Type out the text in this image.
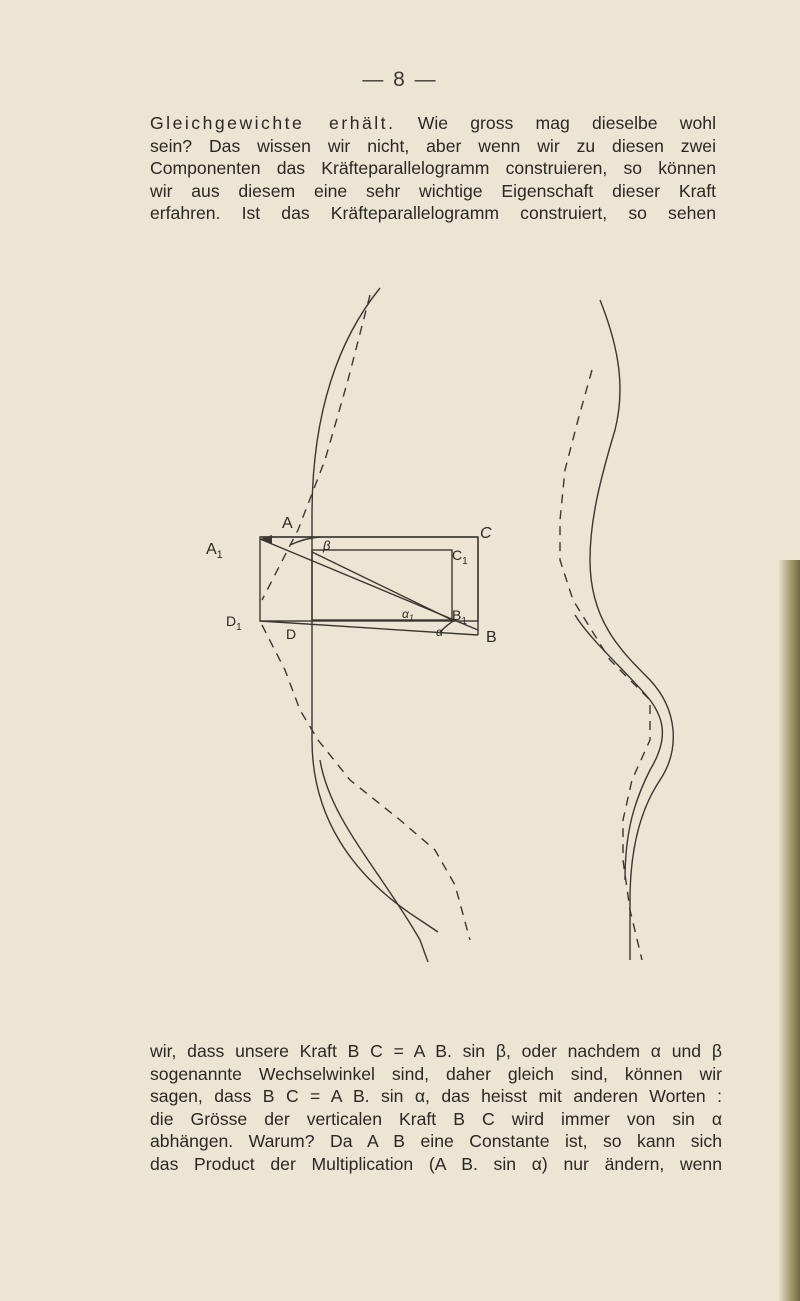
— 8 —

Gleichgewichte erhält. Wie gross mag dieselbe wohl
sein? Das wissen wir nicht, aber wenn wir zu diesen zwei
Componenten das Kräfteparallelogramm construieren, so können
wir aus diesem eine sehr wichtige Eigenschaft dieser Kraft
erfahren. Ist das Kräfteparallelogramm construiert, so sehen

A
$A_1$
C
$C_1$
B
$B_1$
D
$D_1$
β
α
$\alpha_1$

wir, dass unsere Kraft B C = A B. sin β, oder nachdem α und β
sogenannte Wechselwinkel sind, daher gleich sind, können wir
sagen, dass B C = A B. sin α, das heisst mit anderen Worten :
die Grösse der verticalen Kraft B C wird immer von sin α
abhängen. Warum? Da A B eine Constante ist, so kann sich
das Product der Multiplication (A B. sin α) nur ändern, wenn
